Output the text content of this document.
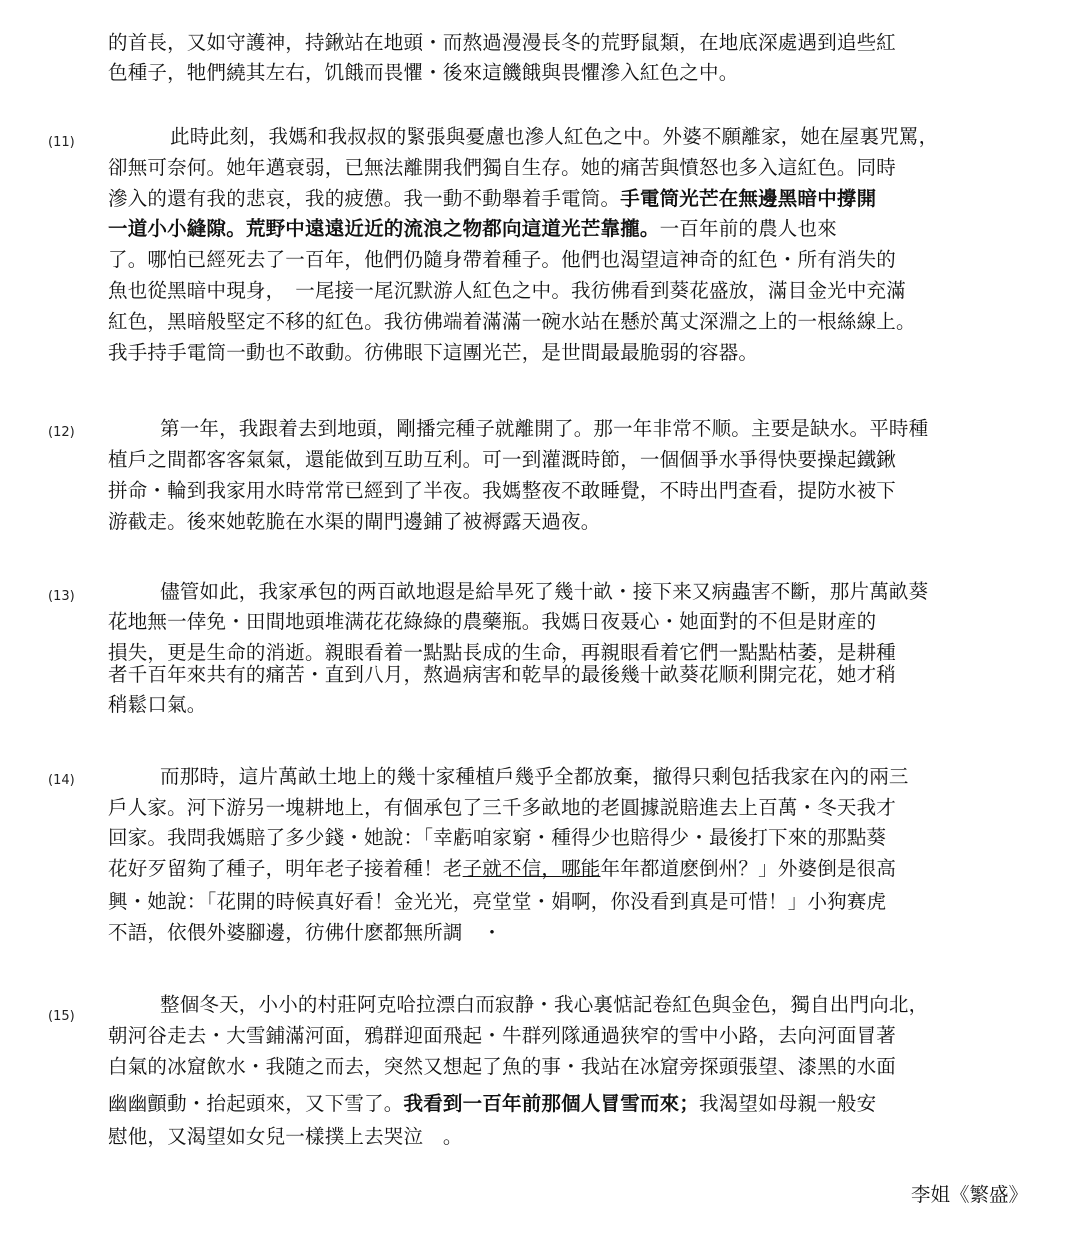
的首長，又如守護神，持鍬站在地頭・而熬過漫漫長冬的荒野鼠類，在地底深處遇到追些紅
色種子，牠們繞其左右，饥餓而畏懼・後來這饑餓與畏懼滲入紅色之中。
(11)	此時此刻，我媽和我叔叔的緊張與憂慮也滲人紅色之中。外婆不願離家，她在屋裏咒罵，
卻無可奈何。她年邁衰弱，已無法離開我們獨自生存。她的痛苦與憤怒也多入這紅色。同時
滲入的還有我的悲哀，我的疲憊。我一動不動舉着手電筒。手電筒光芒在無邊黑暗中撐開
一道小小縫隙。荒野中遠遠近近的流浪之物都向這道光芒靠攏。一百年前的農人也來
了。哪怕已經死去了一百年，他們仍隨身帶着種子。他們也渴望這神奇的紅色・所有消失的
魚也從黑暗中現身，　一尾接一尾沉默游人紅色之中。我彷佛看到葵花盛放，滿目金光中充滿
紅色，黑暗般堅定不移的紅色。我彷佛端着滿滿一碗水站在懸於萬丈深淵之上的一根絲線上。
我手持手電筒一動也不敢動。彷佛眼下這團光芒，是世間最最脆弱的容器。
(12)	第一年，我跟着去到地頭，剛播完種子就離開了。那一年非常不顺。主要是缺水。平時種
植戶之間都客客氣氣，還能做到互助互利。可一到灌溉時節，一個個爭水爭得快要操起鐵鍬
拼命・輪到我家用水時常常已經到了半夜。我媽整夜不敢睡覺，不時出門查看，提防水被下
游截走。後來她乾脆在水渠的閘門邊鋪了被褥露天過夜。
(13)	儘管如此，我家承包的两百畝地遐是給旱死了幾十畝・接下来又病蟲害不斷，那片萬畝葵
花地無一倖免・田間地頭堆满花花綠綠的農藥瓶。我媽日夜聂心・她面對的不但是財産的
損失，更是生命的消逝。親眼看着一點點長成的生命，再親眼看着它們一點點枯萎，是耕種
者千百年來共有的痛苦・直到八月，熬過病害和乾旱的最後幾十畝葵花顺利開完花，她才稍
稍鬆口氣。
(14)	而那時，這片萬畝土地上的幾十家種植戶幾乎全都放棄，撤得只剩包括我家在內的兩三
戶人家。河下游另一塊耕地上，有個承包了三千多畝地的老圓據説賠進去上百萬・冬天我才
回家。我問我媽賠了多少錢・她說：「幸虧咱家窮・種得少也賠得少・最後打下來的那點葵
花好歹留夠了種子，明年老子接着種！老子就不信，哪能年年都道麽倒州？」外婆倒是很高
興・她說：「花開的時候真好看！金光光，亮堂堂・娟啊，你没看到真是可惜！」小狗赛虎
不語，依偎外婆腳邊，彷佛什麽都無所調　・
(15)
整個冬天，小小的村莊阿克哈拉漂白而寂静・我心裏惦記卷紅色與金色，獨自出門向北，
朝河谷走去・大雪鋪滿河面，鴉群迎面飛起・牛群列隊通過狭窄的雪中小路，去向河面冒著
白氣的冰窟飲水・我随之而去，突然又想起了魚的事・我站在冰窟旁探頭張望、漆黑的水面
幽幽顫動・抬起頭來，又下雪了。我看到一百年前那個人冒雪而來；我渴望如母親一般安
慰他，又渴望如女兒一樣撲上去哭泣　。
李姐《繁盛》
